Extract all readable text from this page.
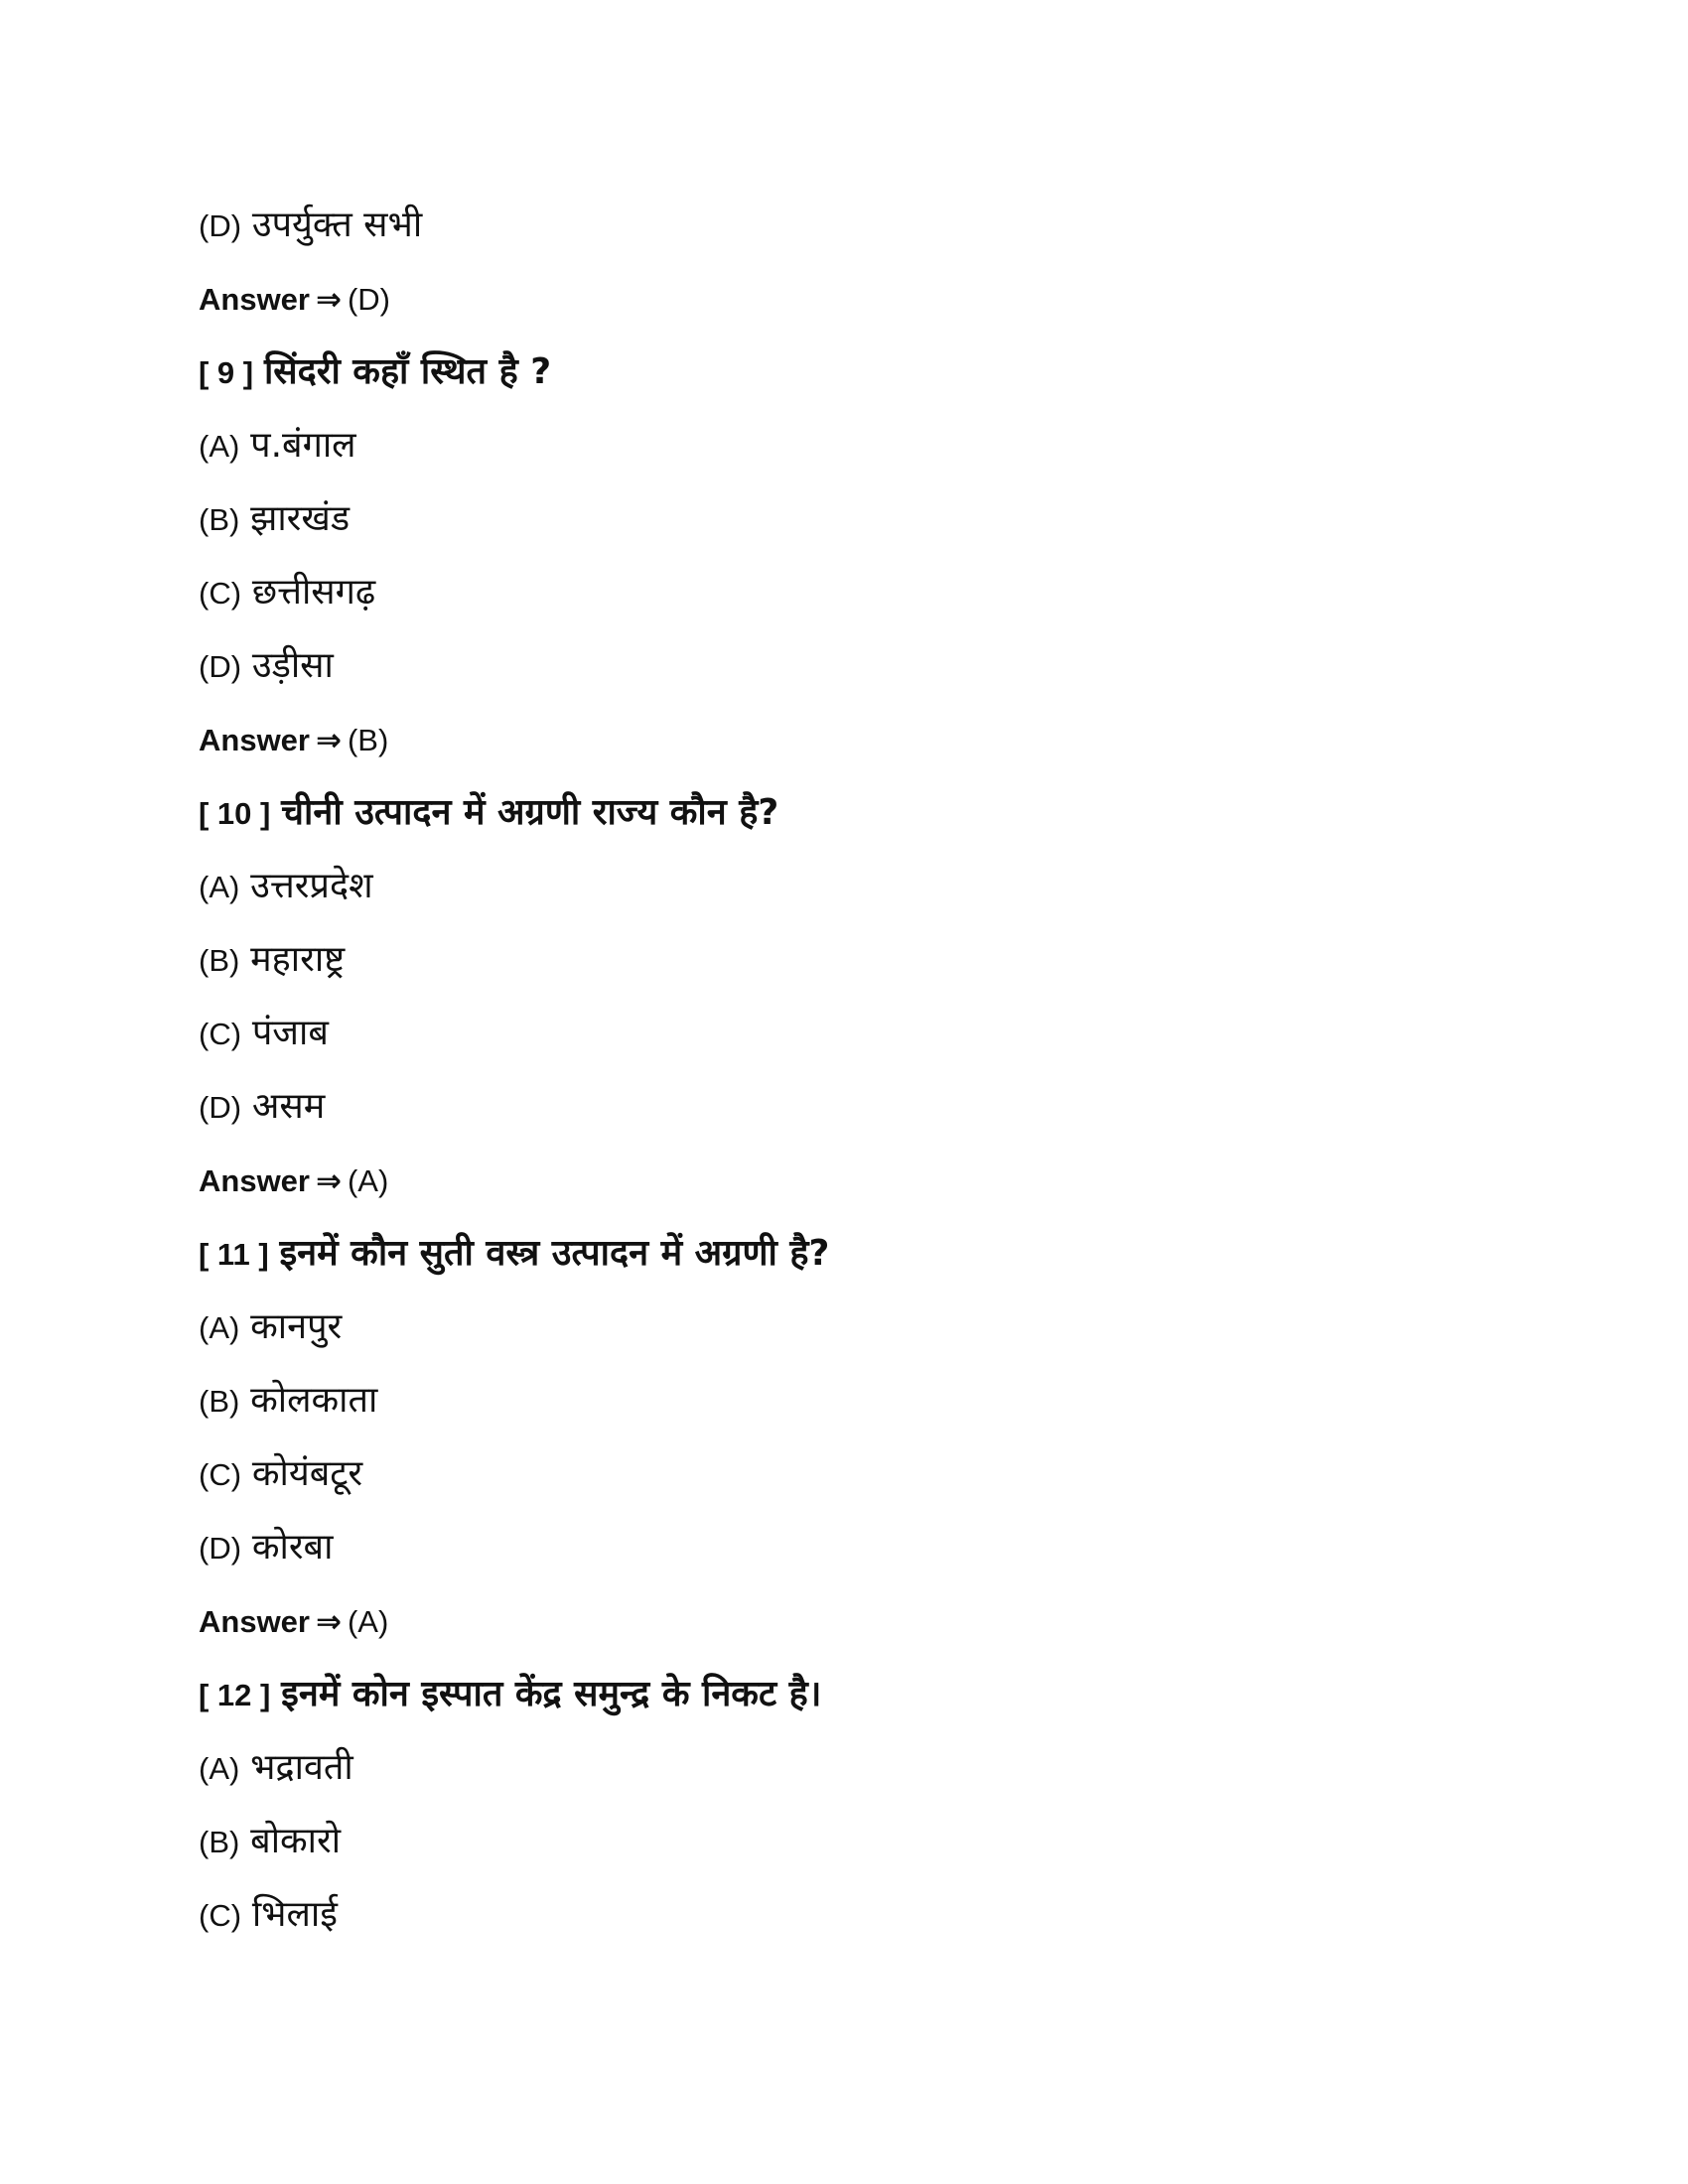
(D) उपर्युक्त सभी
Answer ⇒ (D)
[ 9 ] सिंदरी कहाँ स्थित है ?
(A) प.बंगाल
(B) झारखंड
(C) छत्तीसगढ़
(D) उड़ीसा
Answer ⇒ (B)
[ 10 ] चीनी उत्पादन में अग्रणी राज्य कौन है?
(A) उत्तरप्रदेश
(B) महाराष्ट्र
(C) पंजाब
(D) असम
Answer ⇒ (A)
[ 11 ] इनमें कौन सुती वस्त्र उत्पादन में अग्रणी है?
(A) कानपुर
(B) कोलकाता
(C) कोयंबटूर
(D) कोरबा
Answer ⇒ (A)
[ 12 ] इनमें कोन इस्पात केंद्र समुन्द्र के निकट है।
(A) भद्रावती
(B) बोकारो
(C) भिलाई
